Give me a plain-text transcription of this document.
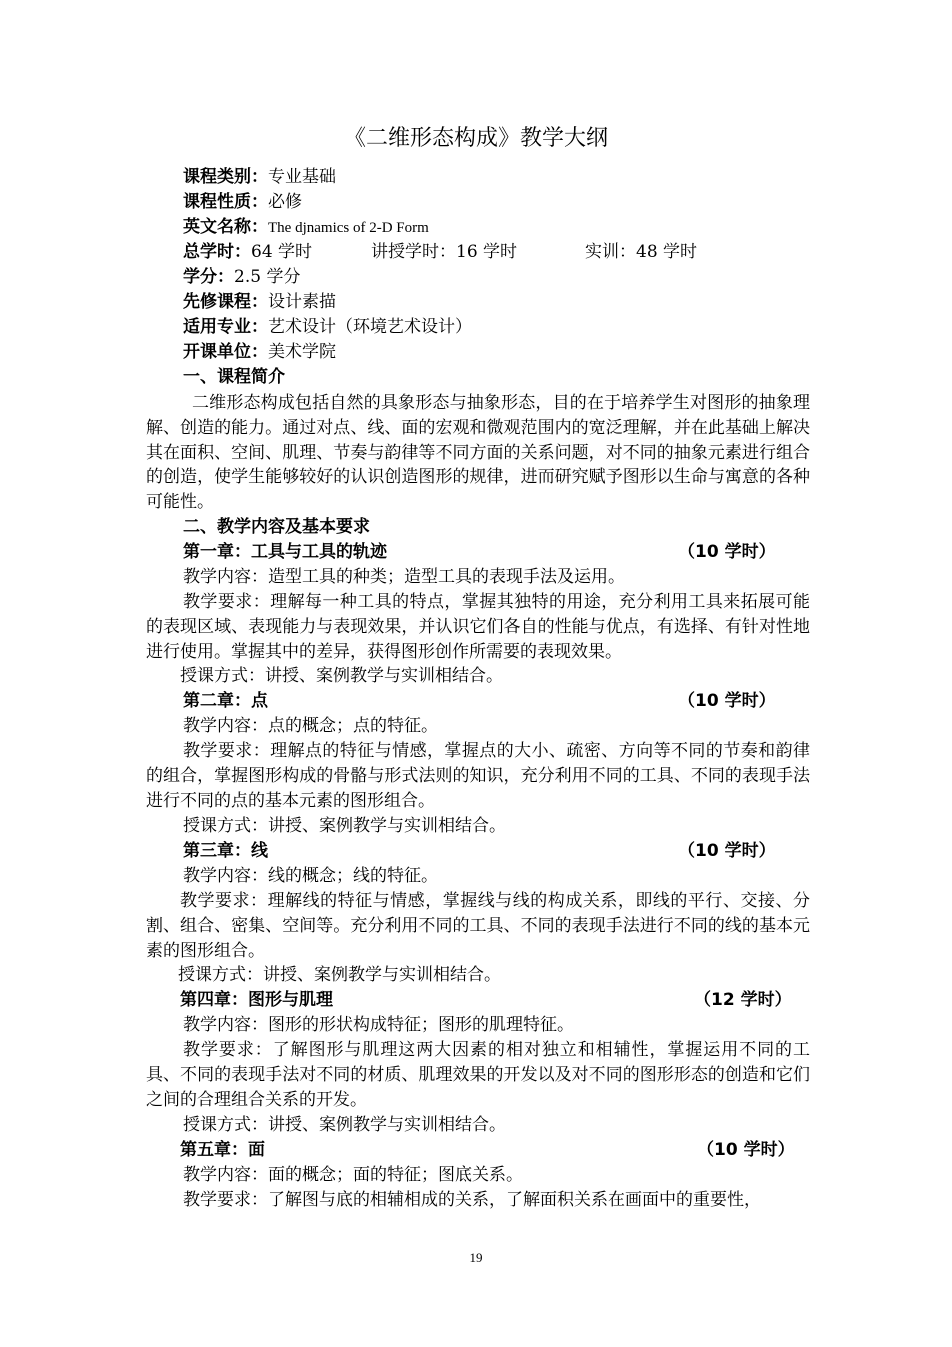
《二维形态构成》教学大纲
课程类别：专业基础
课程性质：必修
英文名称：The djnamics of 2-D Form
总学时：64 学时	讲授学时：16 学时	实训：48 学时
学分：2.5 学分
先修课程：设计素描
适用专业：艺术设计（环境艺术设计）
开课单位：美术学院
一、课程简介
二维形态构成包括自然的具象形态与抽象形态，目的在于培养学生对图形的抽象理解、创造的能力。通过对点、线、面的宏观和微观范围内的宽泛理解，并在此基础上解决其在面积、空间、肌理、节奏与韵律等不同方面的关系问题，对不同的抽象元素进行组合的创造，使学生能够较好的认识创造图形的规律，进而研究赋予图形以生命与寓意的各种可能性。
二、教学内容及基本要求
第一章：工具与工具的轨迹	（10 学时）
教学内容：造型工具的种类；造型工具的表现手法及运用。
教学要求：理解每一种工具的特点，掌握其独特的用途，充分利用工具来拓展可能的表现区域、表现能力与表现效果，并认识它们各自的性能与优点，有选择、有针对性地进行使用。掌握其中的差异，获得图形创作所需要的表现效果。
授课方式：讲授、案例教学与实训相结合。
第二章：点	（10 学时）
教学内容：点的概念；点的特征。
教学要求：理解点的特征与情感，掌握点的大小、疏密、方向等不同的节奏和韵律的组合，掌握图形构成的骨骼与形式法则的知识，充分利用不同的工具、不同的表现手法进行不同的点的基本元素的图形组合。
授课方式：讲授、案例教学与实训相结合。
第三章：线	（10 学时）
教学内容：线的概念；线的特征。
教学要求：理解线的特征与情感，掌握线与线的构成关系，即线的平行、交接、分割、组合、密集、空间等。充分利用不同的工具、不同的表现手法进行不同的线的基本元素的图形组合。
授课方式：讲授、案例教学与实训相结合。
第四章：图形与肌理	（12 学时）
教学内容：图形的形状构成特征；图形的肌理特征。
教学要求：了解图形与肌理这两大因素的相对独立和相辅性，掌握运用不同的工具、不同的表现手法对不同的材质、肌理效果的开发以及对不同的图形形态的创造和它们之间的合理组合关系的开发。
授课方式：讲授、案例教学与实训相结合。
第五章：面	（10 学时）
教学内容：面的概念；面的特征；图底关系。
教学要求：了解图与底的相辅相成的关系，了解面积关系在画面中的重要性，
19
